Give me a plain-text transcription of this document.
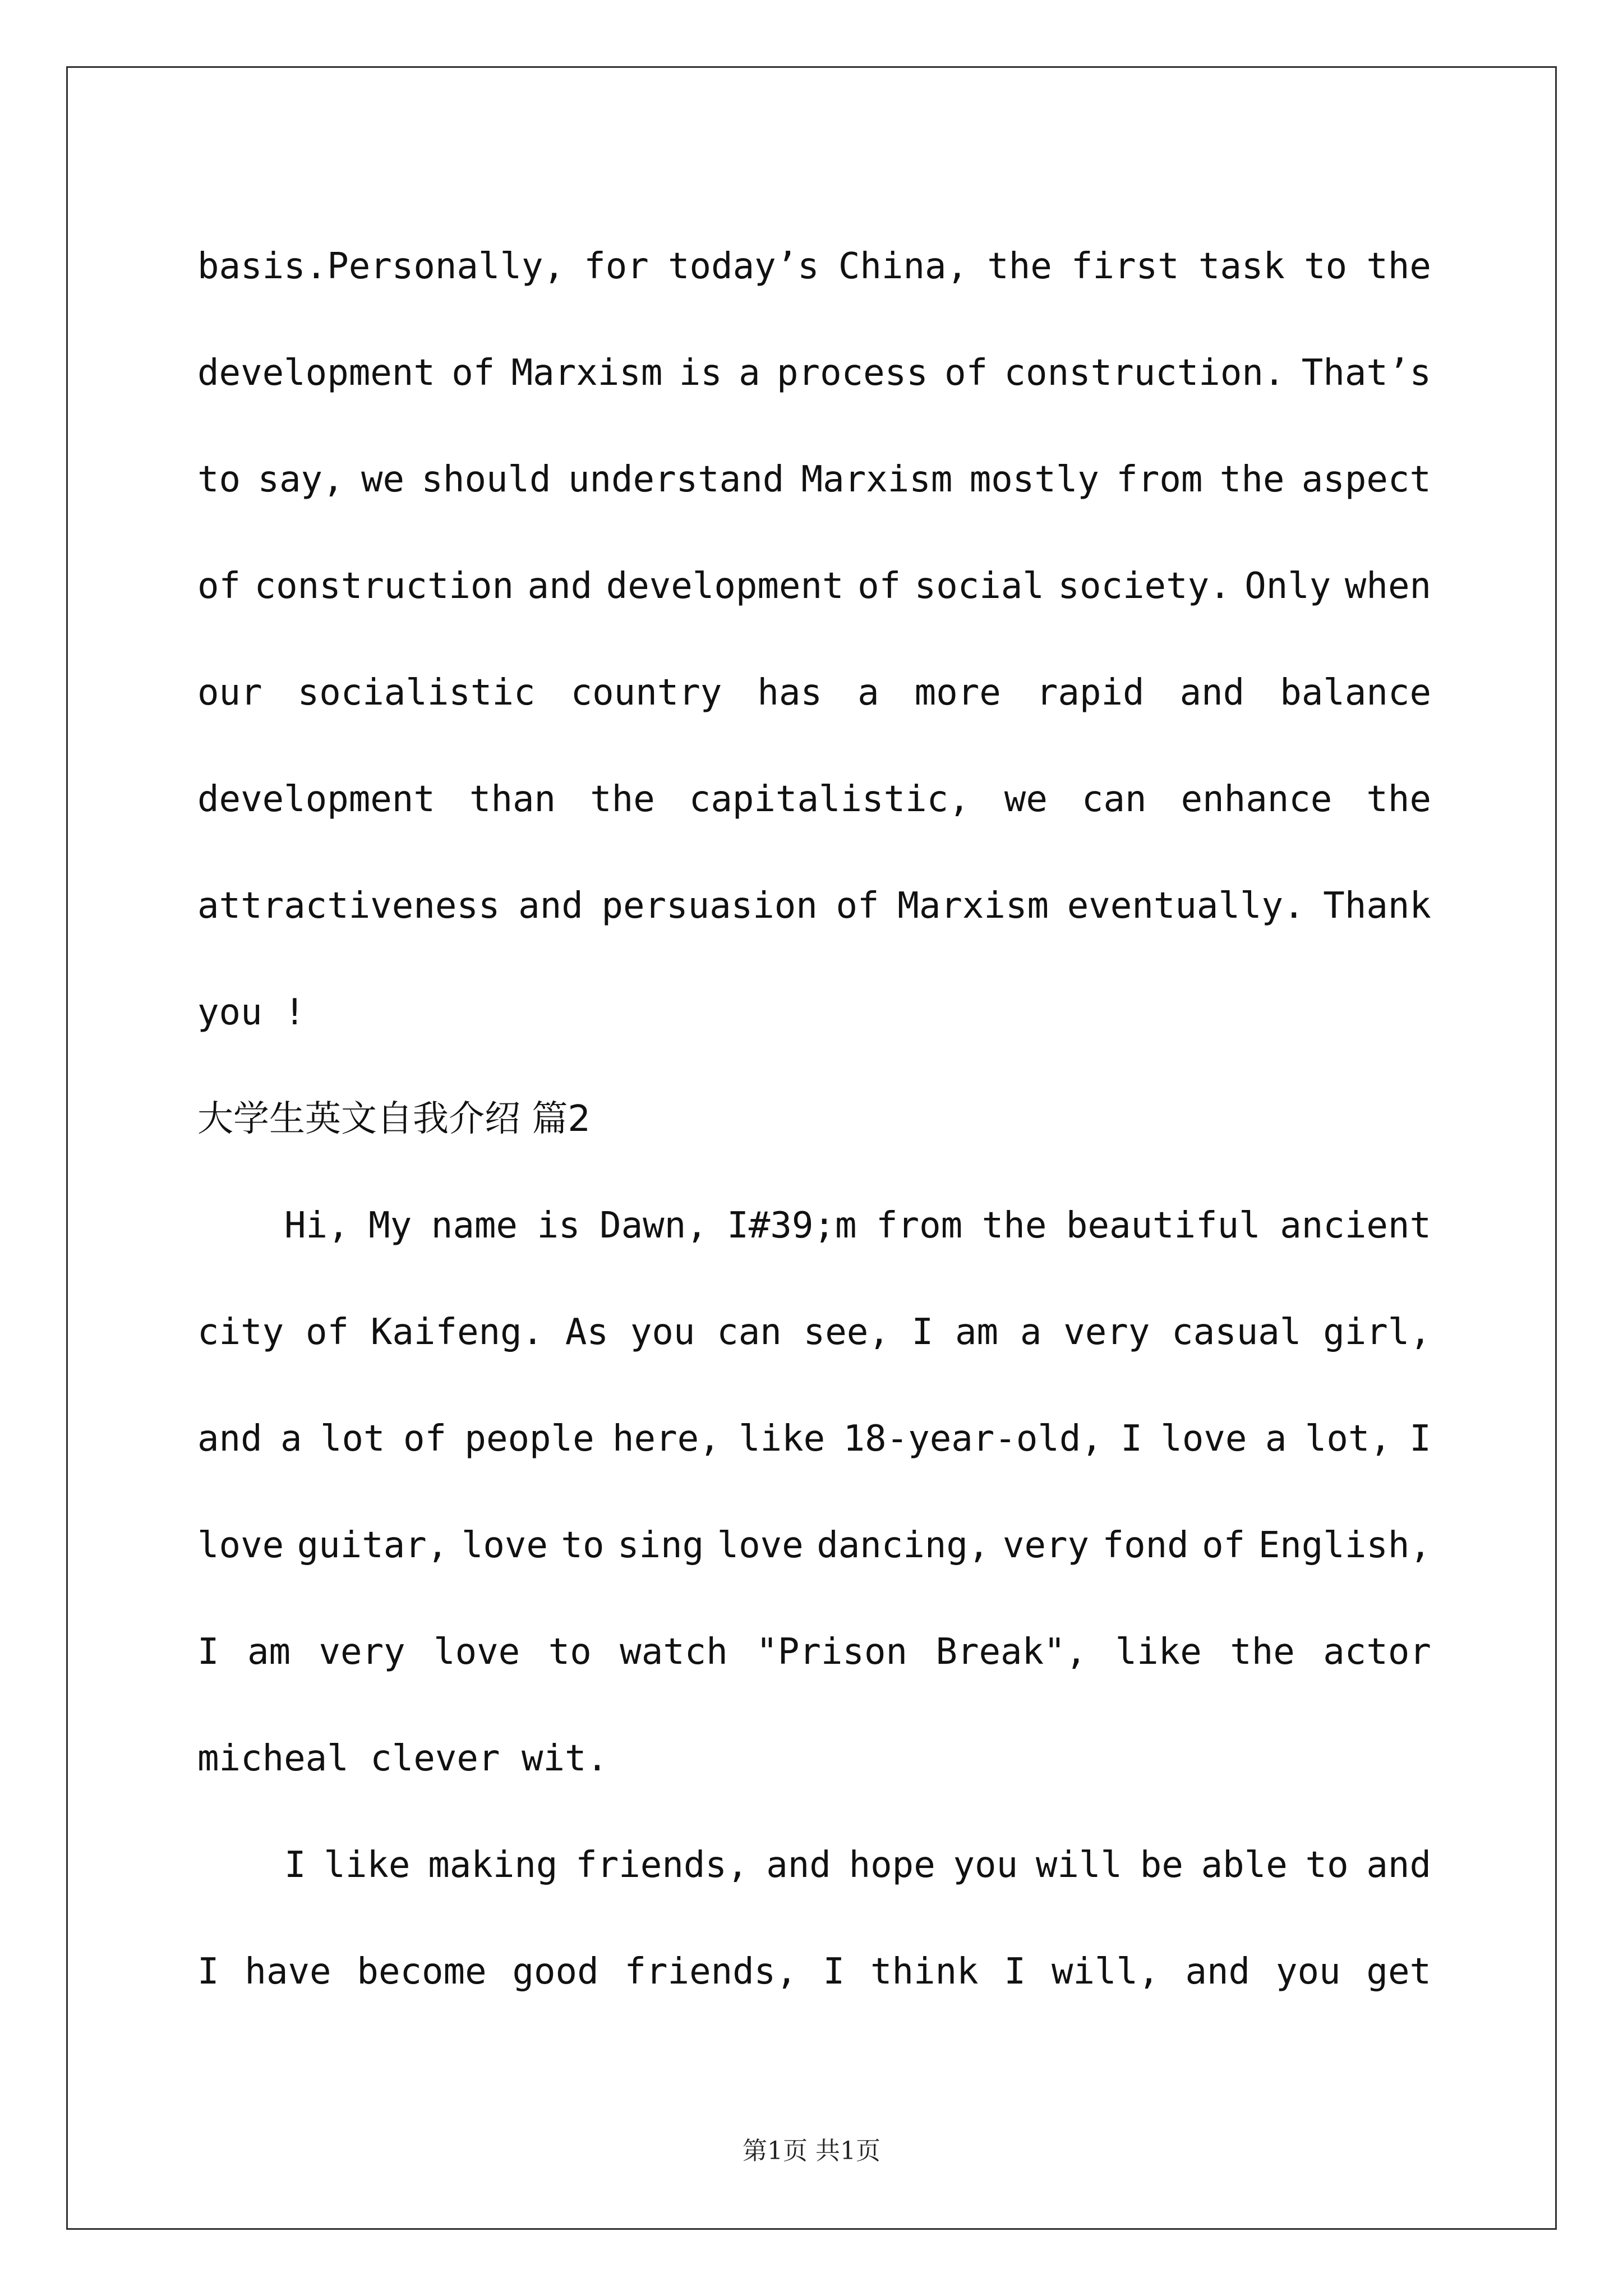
basis.Personally, for today’s China, the first task to the
development of Marxism is a process of construction. That’s
to say, we should understand Marxism mostly from the aspect
of construction and development of social society. Only when
our socialistic country has a more rapid and balance
development than the capitalistic, we can enhance the
attractiveness and persuasion of Marxism eventually. Thank
you !
大学生英文自我介绍 篇2
Hi, My name is Dawn, I#39;m from the beautiful ancient
city of Kaifeng. As you can see, I am a very casual girl,
and a lot of people here, like 18-year-old, I love a lot, I
love guitar, love to sing love dancing, very fond of English,
I am very love to watch "Prison Break", like the actor
micheal clever wit.
I like making friends, and hope you will be able to and
I have become good friends, I think I will, and you get
第1页 共1页
